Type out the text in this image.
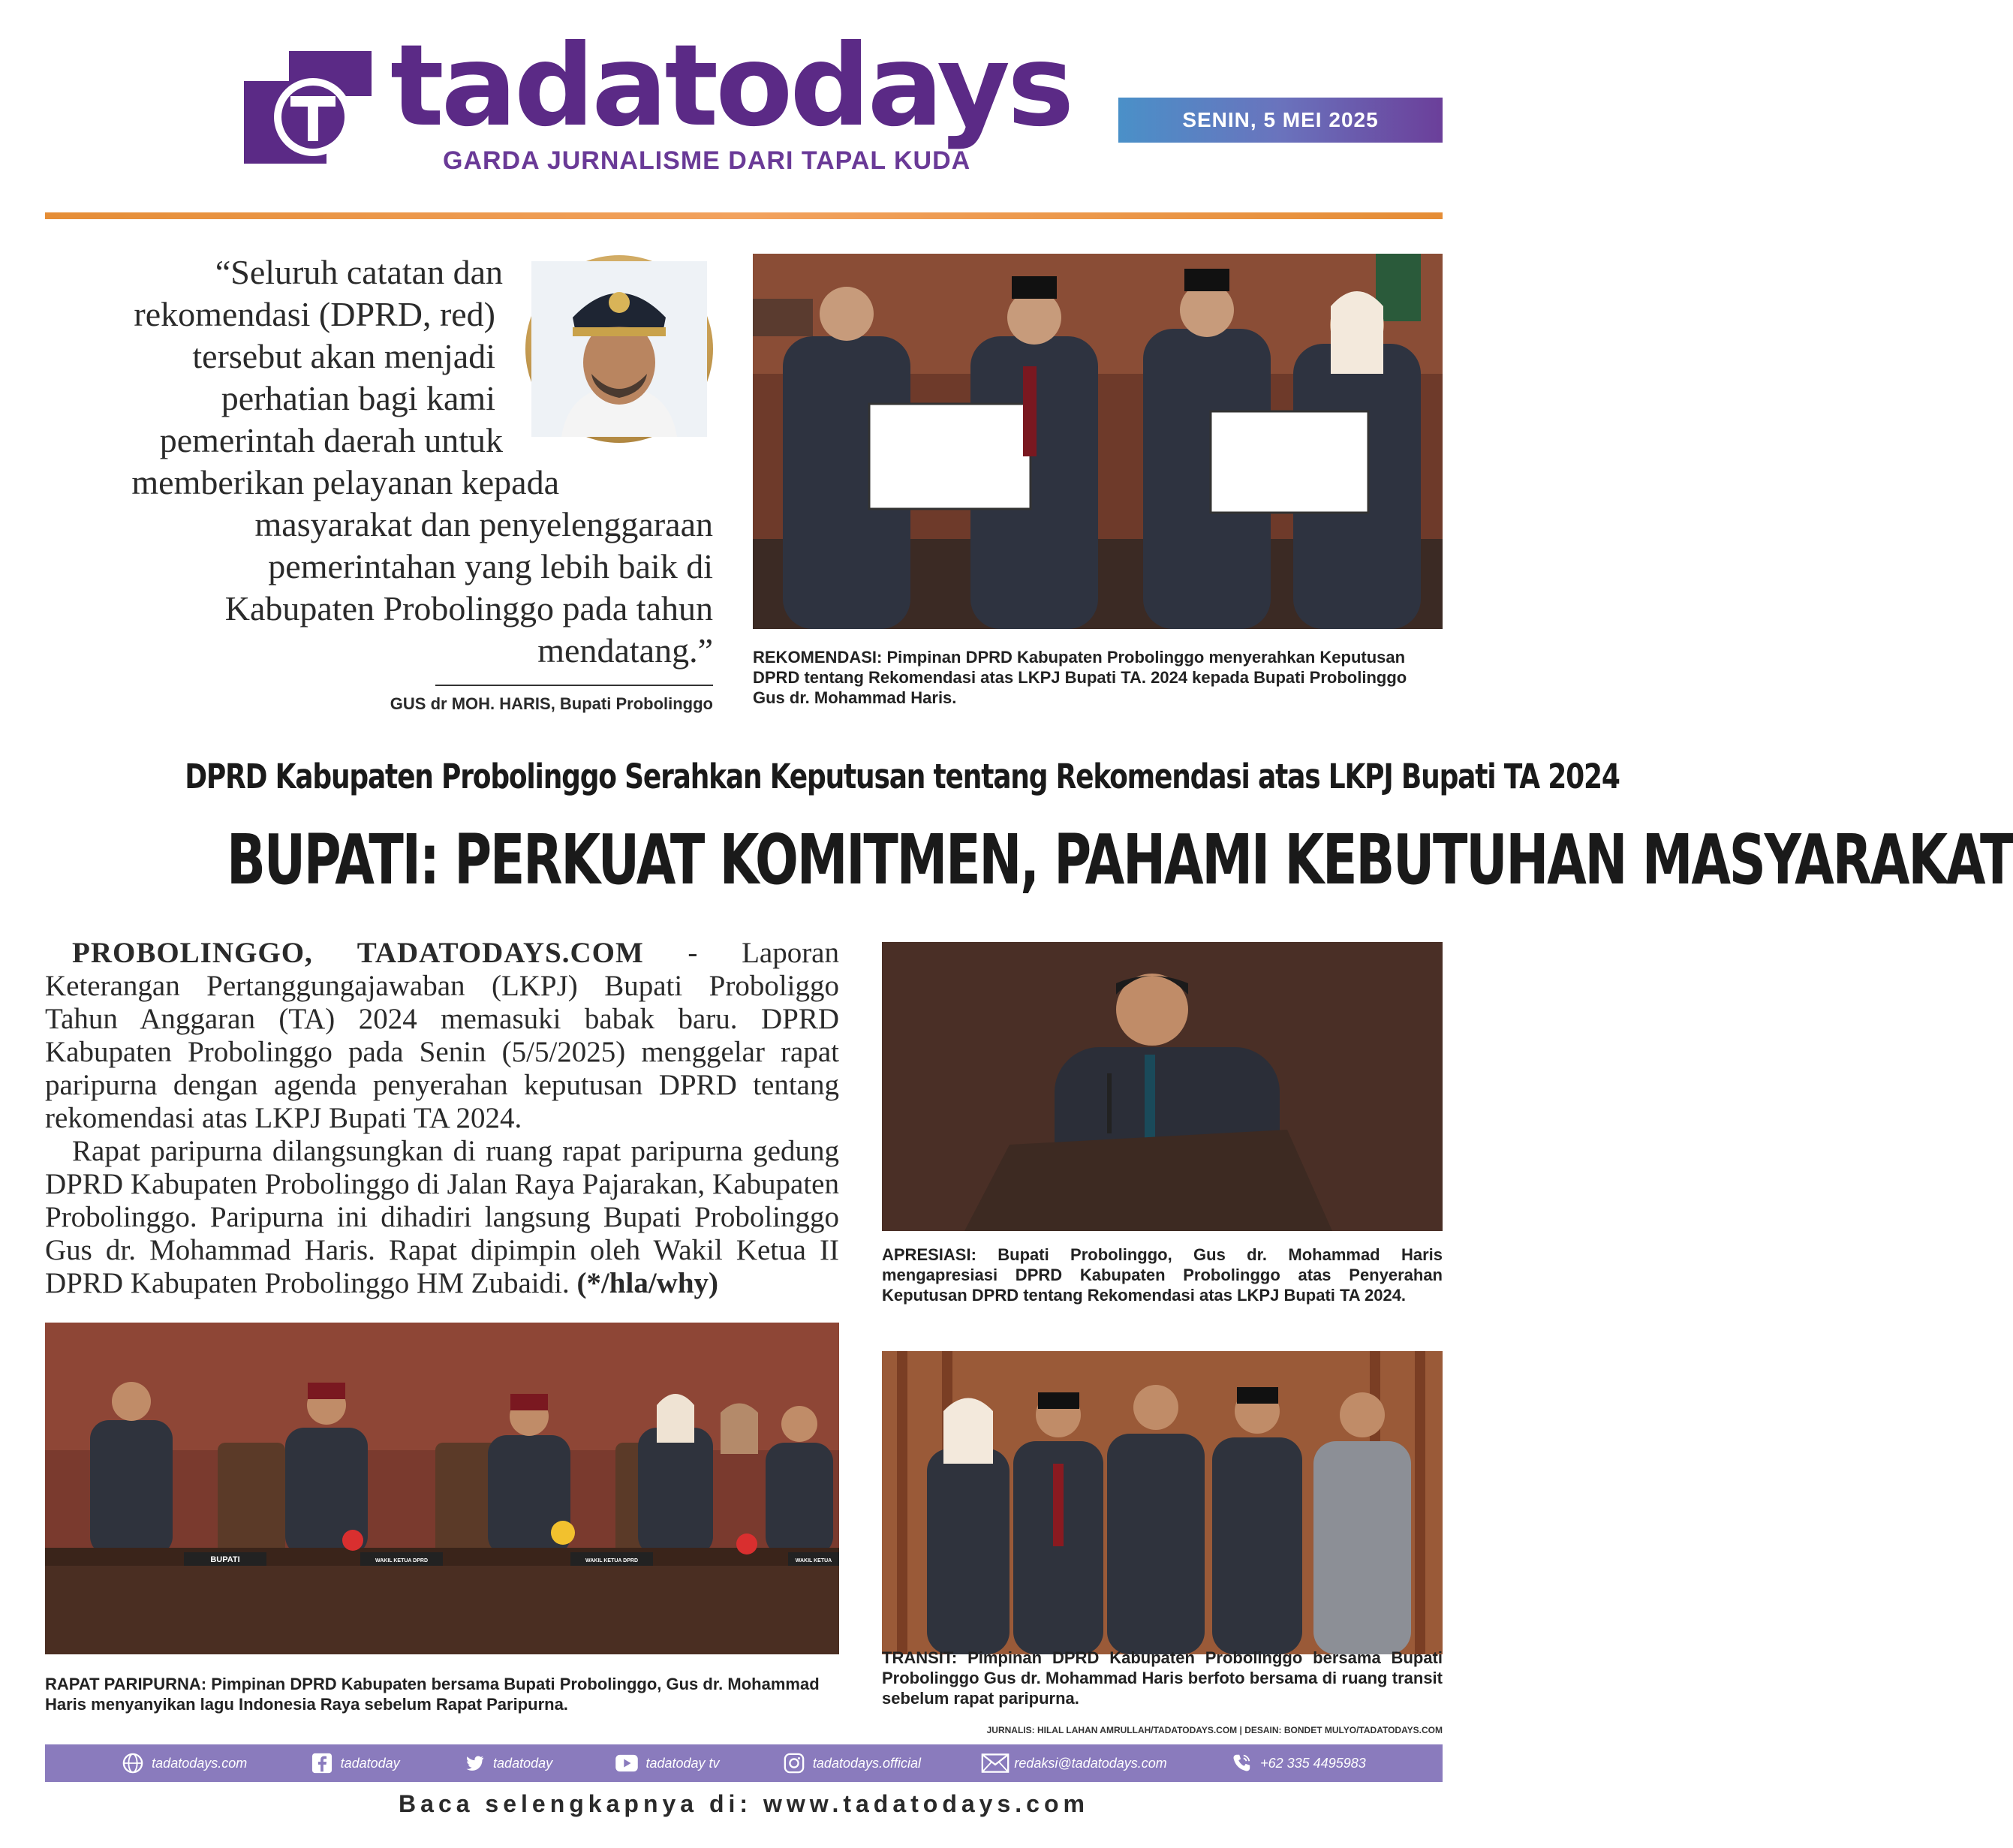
tadatodays
GARDA JURNALISME DARI TAPAL KUDA
SENIN, 5 MEI 2025
“Seluruh catatan dan
rekomendasi (DPRD, red)
tersebut akan menjadi
perhatian bagi kami
pemerintah daerah untuk
memberikan pelayanan kepada
masyarakat dan penyelenggaraan
pemerintahan yang lebih baik di
Kabupaten Probolinggo pada tahun
mendatang.”
GUS dr MOH. HARIS, Bupati Probolinggo
REKOMENDASI: Pimpinan DPRD Kabupaten Probolinggo menyerahkan Keputusan DPRD tentang Rekomendasi atas LKPJ Bupati TA. 2024 kepada Bupati Probolinggo Gus dr. Mohammad Haris.
DPRD Kabupaten Probolinggo Serahkan Keputusan tentang Rekomendasi atas LKPJ Bupati TA 2024
BUPATI: PERKUAT KOMITMEN, PAHAMI KEBUTUHAN MASYARAKAT

PROBOLINGGO, TADATODAYS.COM - Laporan Keterangan Pertanggungajawaban (LKPJ) Bupati Proboliggo Tahun Anggaran (TA) 2024 memasuki babak baru. DPRD Kabupaten Probolinggo pada Senin (5/5/2025) menggelar rapat paripurna dengan agenda penyerahan keputusan DPRD tentang rekomendasi atas LKPJ Bupati TA 2024.

Rapat paripurna dilangsungkan di ruang rapat paripurna gedung DPRD Kabupaten Probolinggo di Jalan Raya Pajarakan, Kabupaten Probolinggo. Paripurna ini dihadiri langsung Bupati Probolinggo Gus dr. Mohammad Haris. Rapat dipimpin oleh Wakil Ketua II DPRD Kabupaten Probolinggo HM Zubaidi. (*/hla/why)

APRESIASI: Bupati Probolinggo, Gus dr. Mohammad Haris mengapresiasi DPRD Kabupaten Probolinggo atas Penyerahan Keputusan DPRD tentang Rekomendasi atas LKPJ Bupati TA 2024.
BUPATI	WAKIL KETUA DPRD	WAKIL KETUA DPRD	WAKIL KETUA
RAPAT PARIPURNA: Pimpinan DPRD Kabupaten bersama Bupati Probolinggo, Gus dr. Mohammad Haris menyanyikan lagu Indonesia Raya sebelum Rapat Paripurna.
TRANSIT: Pimpinan DPRD Kabupaten Probolinggo bersama Bupati Probolinggo Gus dr. Mohammad Haris berfoto bersama di ruang transit sebelum rapat paripurna.
JURNALIS: HILAL LAHAN AMRULLAH/TADATODAYS.COM | DESAIN: BONDET MULYO/TADATODAYS.COM
tadatodays.com	tadatoday	tadatoday	tadatoday tv	tadatodays.official	redaksi@tadatodays.com	+62 335 4495983
Baca selengkapnya di: www.tadatodays.com
